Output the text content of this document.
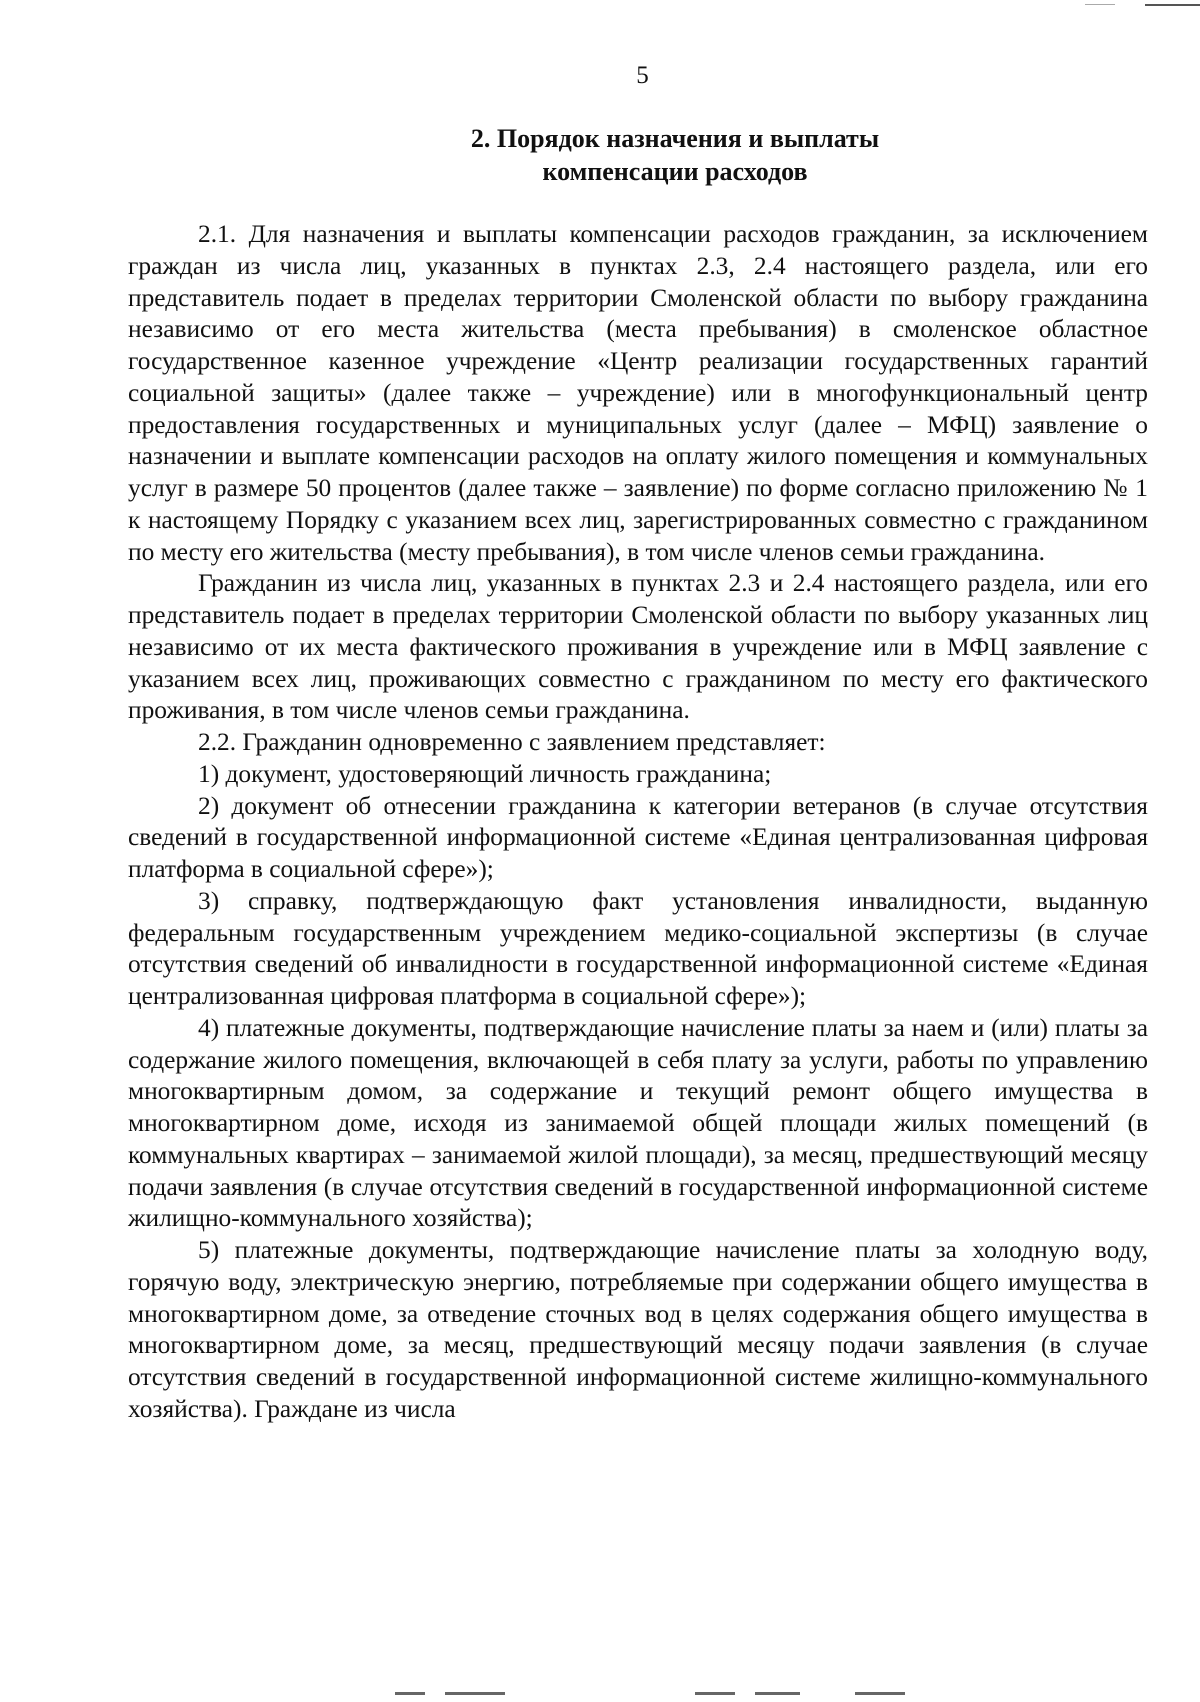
5
2. Порядок назначения и выплаты
компенсации расходов

2.1. Для назначения и выплаты компенсации расходов гражданин, за исключением граждан из числа лиц, указанных в пунктах 2.3, 2.4 настоящего раздела, или его представитель подает в пределах территории Смоленской области по выбору гражданина независимо от его места жительства (места пребывания) в смоленское областное государственное казенное учреждение «Центр реализации государственных гарантий социальной защиты» (далее также – учреждение) или в многофункциональный центр предоставления государственных и муниципальных услуг (далее – МФЦ) заявление о назначении и выплате компенсации расходов на оплату жилого помещения и коммунальных услуг в размере 50 процентов (далее также – заявление) по форме согласно приложению № 1 к настоящему Порядку с указанием всех лиц, зарегистрированных совместно с гражданином по месту его жительства (месту пребывания), в том числе членов семьи гражданина.

Гражданин из числа лиц, указанных в пунктах 2.3 и 2.4 настоящего раздела, или его представитель подает в пределах территории Смоленской области по выбору указанных лиц независимо от их места фактического проживания в учреждение или в МФЦ заявление с указанием всех лиц, проживающих совместно с гражданином по месту его фактического проживания, в том числе членов семьи гражданина.

2.2. Гражданин одновременно с заявлением представляет:

1) документ, удостоверяющий личность гражданина;

2) документ об отнесении гражданина к категории ветеранов (в случае отсутствия сведений в государственной информационной системе «Единая централизованная цифровая платформа в социальной сфере»);

3) справку, подтверждающую факт установления инвалидности, выданную федеральным государственным учреждением медико-социальной экспертизы (в случае отсутствия сведений об инвалидности в государственной информационной системе «Единая централизованная цифровая платформа в социальной сфере»);

4) платежные документы, подтверждающие начисление платы за наем и (или) платы за содержание жилого помещения, включающей в себя плату за услуги, работы по управлению многоквартирным домом, за содержание и текущий ремонт общего имущества в многоквартирном доме, исходя из занимаемой общей площади жилых помещений (в коммунальных квартирах – занимаемой жилой площади), за месяц, предшествующий месяцу подачи заявления (в случае отсутствия сведений в государственной информационной системе жилищно-коммунального хозяйства);

5) платежные документы, подтверждающие начисление платы за холодную воду, горячую воду, электрическую энергию, потребляемые при содержании общего имущества в многоквартирном доме, за отведение сточных вод в целях содержания общего имущества в многоквартирном доме, за месяц, предшествующий месяцу подачи заявления (в случае отсутствия сведений в государственной информационной системе жилищно-коммунального хозяйства). Граждане из числа
